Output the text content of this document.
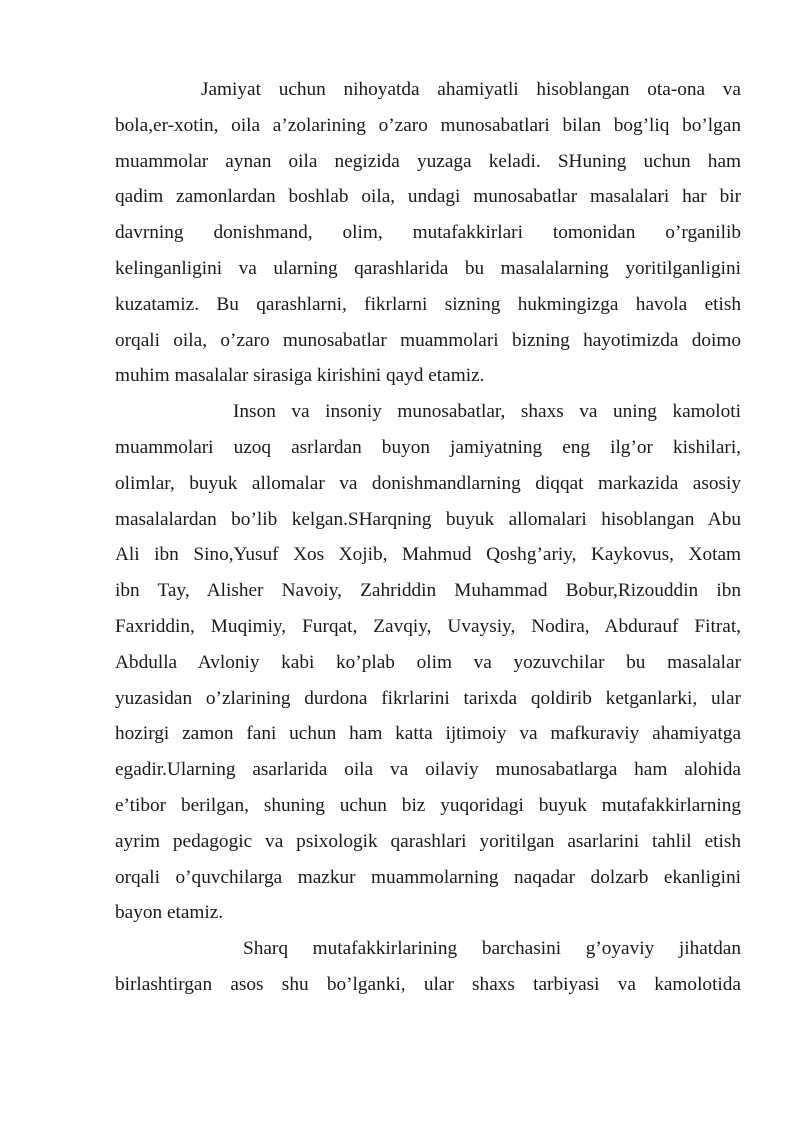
Jamiyat uchun nihoyatda ahamiyatli hisoblangan ota-ona va
bola,er-xotin, oila a’zolarining o’zaro munosabatlari bilan bog’liq bo’lgan
muammolar aynan oila negizida yuzaga keladi. SHuning uchun ham
qadim zamonlardan boshlab oila, undagi munosabatlar masalalari har bir
davrning donishmand, olim, mutafakkirlari tomonidan o’rganilib
kelinganligini va ularning qarashlarida bu masalalarning yoritilganligini
kuzatamiz. Bu qarashlarni, fikrlarni sizning hukmingizga havola etish
orqali oila, o’zaro munosabatlar muammolari bizning hayotimizda doimo
muhim masalalar sirasiga kirishini qayd etamiz.
Inson va insoniy munosabatlar, shaxs va uning kamoloti
muammolari uzoq asrlardan buyon jamiyatning eng ilg’or kishilari,
olimlar, buyuk allomalar va donishmandlarning diqqat markazida asosiy
masalalardan bo’lib kelgan.SHarqning buyuk allomalari hisoblangan Abu
Ali ibn Sino,Yusuf Xos Xojib, Mahmud Qoshg’ariy, Kaykovus, Xotam
ibn Tay, Alisher Navoiy, Zahriddin Muhammad Bobur,Rizouddin ibn
Faxriddin, Muqimiy, Furqat, Zavqiy, Uvaysiy, Nodira, Abdurauf Fitrat,
Abdulla Avloniy kabi ko’plab olim va yozuvchilar bu masalalar
yuzasidan o’zlarining durdona fikrlarini tarixda qoldirib ketganlarki, ular
hozirgi zamon fani uchun ham katta ijtimoiy va mafkuraviy ahamiyatga
egadir.Ularning asarlarida oila va oilaviy munosabatlarga ham alohida
e’tibor berilgan, shuning uchun biz yuqoridagi buyuk mutafakkirlarning
ayrim pedagogic va psixologik qarashlari yoritilgan asarlarini tahlil etish
orqali o’quvchilarga mazkur muammolarning naqadar dolzarb ekanligini
bayon etamiz.
Sharq mutafakkirlarining barchasini g’oyaviy jihatdan
birlashtirgan asos shu bo’lganki, ular shaxs tarbiyasi va kamolotida
